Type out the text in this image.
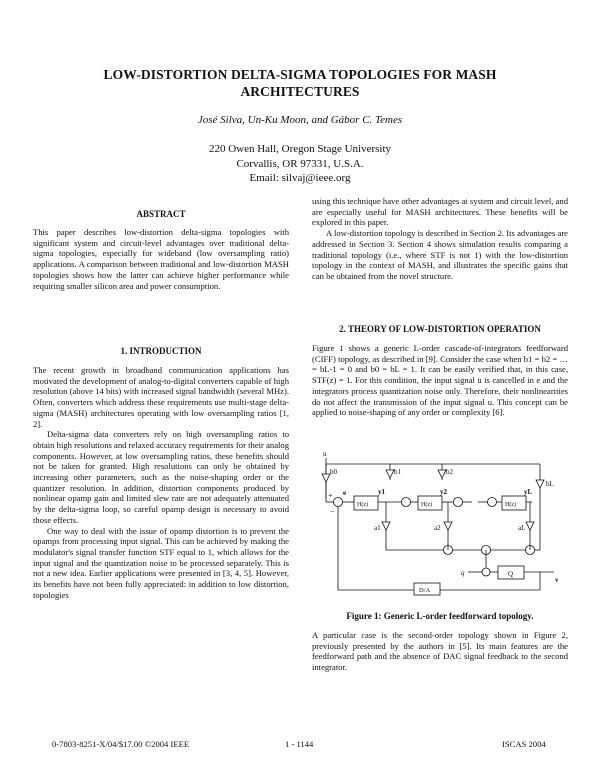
LOW-DISTORTION DELTA-SIGMA TOPOLOGIES FOR MASH
ARCHITECTURES
José Silva, Un-Ku Moon, and Gábor C. Temes
220 Owen Hall, Oregon Stage University
Corvallis, OR 97331, U.S.A.
Email: silvaj@ieee.org
ABSTRACT

This paper describes low-distortion delta-sigma topologies with significant system and circuit-level advantages over traditional delta-sigma topologies, especially for wideband (low oversampling ratio) applications. A comparison between traditional and low-distortion MASH topologies shows how the latter can achieve higher performance while requiring smaller silicon area and power consumption.

1. INTRODUCTION

The recent growth in broadband communication applications has motivated the development of analog-to-digital converters capable of high resolution (above 14 bits) with increased signal bandwidth (several MHz). Often, converters which address these requirements use multi-stage delta-sigma (MASH) architectures operating with low oversampling ratios [1, 2].

Delta-sigma data converters rely on high oversampling ratios to obtain high resolutions and relaxed accuracy requirements for their analog components. However, at low oversampling ratios, these benefits should not be taken for granted. High resolutions can only be obtained by increasing other parameters, such as the noise-shaping order or the quantizer resolution. In addition, distortion components produced by nonlinear opamp gain and limited slew rate are not adequately attenuated by the delta-sigma loop, so careful opamp design is necessary to avoid those effects.

One way to deal with the issue of opamp distortion is to prevent the opamps from processing input signal. This can be achieved by making the modulator's signal transfer function STF equal to 1, which allows for the input signal and the quantization noise to be processed separately. This is not a new idea. Earlier applications were presented in [3, 4, 5]. However, its benefits have not been fully appreciated: in addition to low distortion, topologies

using this technique have other advantages at system and circuit level, and are especially useful for MASH architectures. These benefits will be explored in this paper.

A low-distortion topology is described in Section 2. Its advantages are addressed in Section 3. Section 4 shows simulation results comparing a traditional topology (i.e., where STF is not 1) with the low-distortion topology in the context of MASH, and illustrates the specific gains that can be obtained from the novel structure.

2. THEORY OF LOW-DISTORTION OPERATION

Figure 1 shows a generic L-order cascade-of-integrators feedforward (CIFF) topology, as described in [9]. Consider the case when b1 = b2 = … = bL-1 = 0 and b0 = bL = 1. It can be easily verified that, in this case, STF(z) = 1. For this condition, the input signal u is cancelled in e and the integrators process quantization noise only. Therefore, their nonlinearities do not affect the transmission of the input signal u. This concept can be applied to noise-shaping of any order or complexity [6].

u
e
b0	b1	b2
bL
y1	y2	yL
a1	a2	aL
H(z)	H(z)	H(z)
Q
q
v
D/A
+
−
Figure 1: Generic L-order feedforward topology.

A particular case is the second-order topology shown in Figure 2, previously presented by the authors in [5]. Its main features are the feedforward path and the absence of DAC signal feedback to the second integrator.

0-7803-8251-X/04/$17.00 ©2004 IEEE	1 - 1144	ISCAS 2004
